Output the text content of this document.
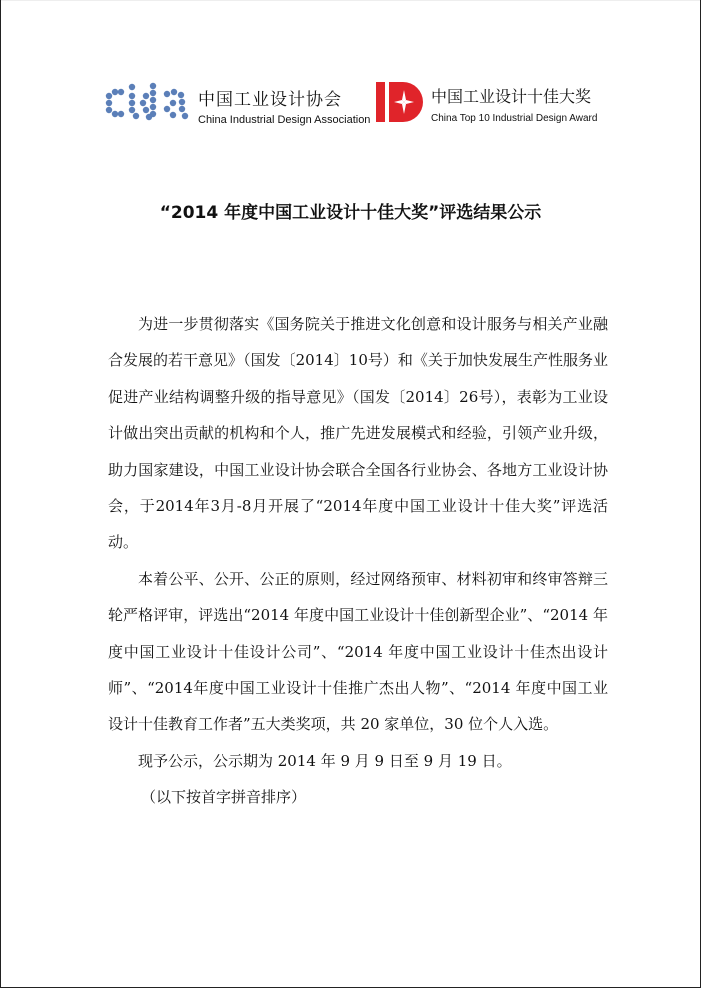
中国工业设计协会
China Industrial Design Association
中国工业设计十佳大奖
China Top 10 Industrial Design Award
“2014 年度中国工业设计十佳大奖”评选结果公示

为进一步贯彻落实《国务院关于推进文化创意和设计服务与相关产业融合发展的若干意见》（国发〔2014〕10号）和《关于加快发展生产性服务业促进产业结构调整升级的指导意见》（国发〔2014〕26号），表彰为工业设计做出突出贡献的机构和个人，推广先进发展模式和经验，引领产业升级，助力国家建设，中国工业设计协会联合全国各行业协会、各地方工业设计协会，于2014年3月-8月开展了“2014年度中国工业设计十佳大奖”评选活动。

本着公平、公开、公正的原则，经过网络预审、材料初审和终审答辩三轮严格评审，评选出“2014 年度中国工业设计十佳创新型企业”、“2014 年度中国工业设计十佳设计公司”、“2014 年度中国工业设计十佳杰出设计师”、“2014年度中国工业设计十佳推广杰出人物”、“2014 年度中国工业设计十佳教育工作者”五大类奖项，共 20 家单位，30 位个人入选。

现予公示，公示期为 2014 年 9 月 9 日至 9 月 19 日。

（以下按首字拼音排序）
